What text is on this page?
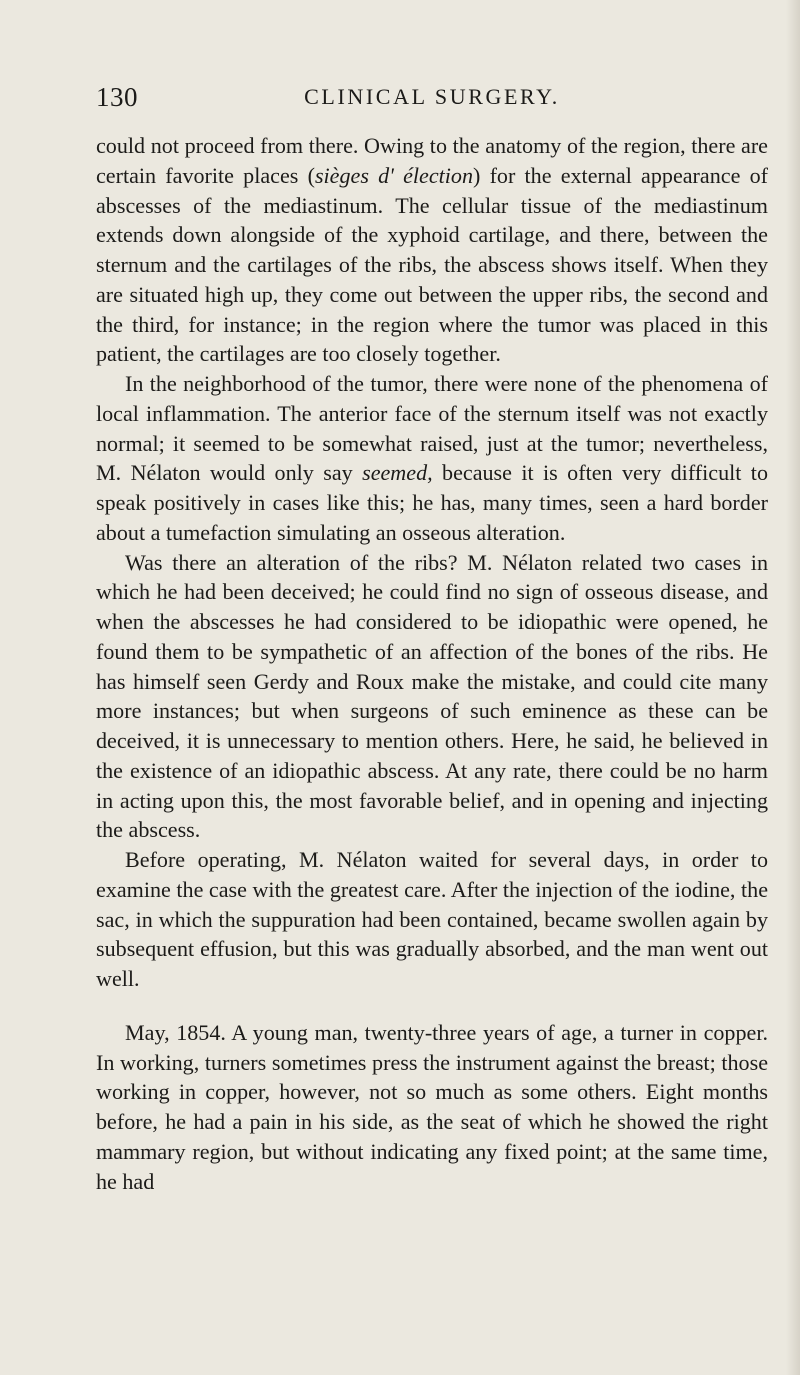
130	CLINICAL SURGERY.

could not proceed from there. Owing to the anatomy of the region, there are certain favorite places (sièges d' élection) for the external appearance of abscesses of the mediastinum. The cellular tissue of the mediastinum extends down alongside of the xyphoid cartilage, and there, between the sternum and the cartilages of the ribs, the abscess shows itself. When they are situated high up, they come out between the upper ribs, the second and the third, for instance; in the region where the tumor was placed in this patient, the cartilages are too closely together.

In the neighborhood of the tumor, there were none of the phenomena of local inflammation. The anterior face of the sternum itself was not exactly normal; it seemed to be somewhat raised, just at the tumor; nevertheless, M. Nélaton would only say seemed, because it is often very difficult to speak positively in cases like this; he has, many times, seen a hard border about a tumefaction simulating an osseous alteration.

Was there an alteration of the ribs? M. Nélaton related two cases in which he had been deceived; he could find no sign of osseous disease, and when the abscesses he had considered to be idiopathic were opened, he found them to be sympathetic of an affection of the bones of the ribs. He has himself seen Gerdy and Roux make the mistake, and could cite many more instances; but when surgeons of such eminence as these can be deceived, it is unnecessary to mention others. Here, he said, he believed in the existence of an idiopathic abscess. At any rate, there could be no harm in acting upon this, the most favorable belief, and in opening and injecting the abscess.

Before operating, M. Nélaton waited for several days, in order to examine the case with the greatest care. After the injection of the iodine, the sac, in which the suppuration had been contained, became swollen again by subsequent effusion, but this was gradually absorbed, and the man went out well.

May, 1854. A young man, twenty-three years of age, a turner in copper. In working, turners sometimes press the instrument against the breast; those working in copper, however, not so much as some others. Eight months before, he had a pain in his side, as the seat of which he showed the right mammary region, but without indicating any fixed point; at the same time, he had
